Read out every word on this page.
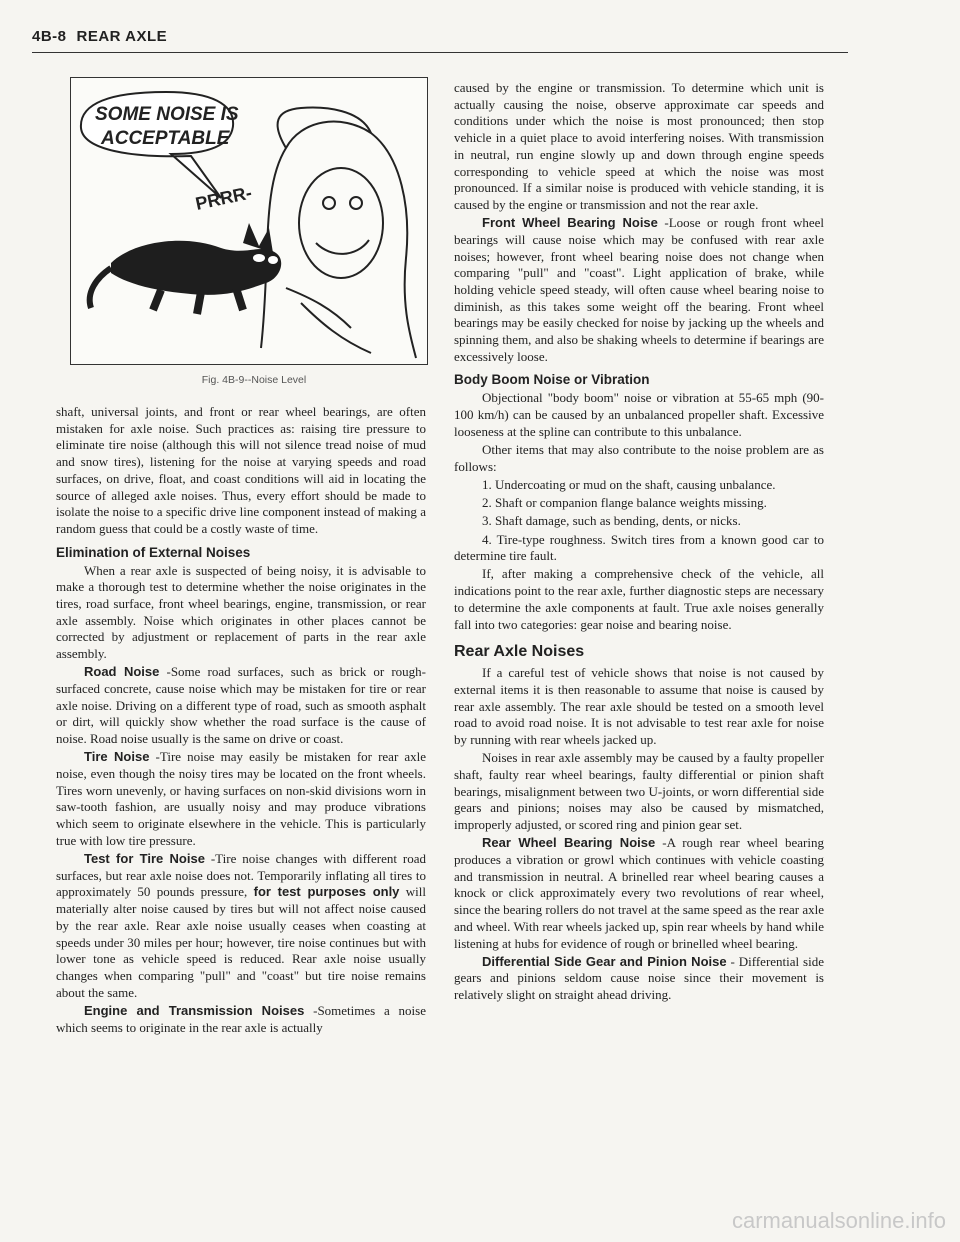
4B-8 REAR AXLE
SOME NOISE IS
ACCEPTABLE
PRRR-
Fig. 4B-9--Noise Level

shaft, universal joints, and front or rear wheel bearings, are often mistaken for axle noise. Such practices as: raising tire pressure to eliminate tire noise (although this will not silence tread noise of mud and snow tires), listening for the noise at varying speeds and road surfaces, on drive, float, and coast conditions will aid in locating the source of alleged axle noises. Thus, every effort should be made to isolate the noise to a specific drive line component instead of making a random guess that could be a costly waste of time.

Elimination of External Noises

When a rear axle is suspected of being noisy, it is advisable to make a thorough test to determine whether the noise originates in the tires, road surface, front wheel bearings, engine, transmission, or rear axle assembly. Noise which originates in other places cannot be corrected by adjustment or replacement of parts in the rear axle assembly.

Road Noise -Some road surfaces, such as brick or rough-surfaced concrete, cause noise which may be mistaken for tire or rear axle noise. Driving on a different type of road, such as smooth asphalt or dirt, will quickly show whether the road surface is the cause of noise. Road noise usually is the same on drive or coast.

Tire Noise -Tire noise may easily be mistaken for rear axle noise, even though the noisy tires may be located on the front wheels. Tires worn unevenly, or having surfaces on non-skid divisions worn in saw-tooth fashion, are usually noisy and may produce vibrations which seem to originate elsewhere in the vehicle. This is particularly true with low tire pressure.

Test for Tire Noise -Tire noise changes with different road surfaces, but rear axle noise does not. Temporarily inflating all tires to approximately 50 pounds pressure, for test purposes only will materially alter noise caused by tires but will not affect noise caused by the rear axle. Rear axle noise usually ceases when coasting at speeds under 30 miles per hour; however, tire noise continues but with lower tone as vehicle speed is reduced. Rear axle noise usually changes when comparing "pull" and "coast" but tire noise remains about the same.

Engine and Transmission Noises -Sometimes a noise which seems to originate in the rear axle is actually

caused by the engine or transmission. To determine which unit is actually causing the noise, observe approximate car speeds and conditions under which the noise is most pronounced; then stop vehicle in a quiet place to avoid interfering noises. With transmission in neutral, run engine slowly up and down through engine speeds corresponding to vehicle speed at which the noise was most pronounced. If a similar noise is produced with vehicle standing, it is caused by the engine or transmission and not the rear axle.

Front Wheel Bearing Noise -Loose or rough front wheel bearings will cause noise which may be confused with rear axle noises; however, front wheel bearing noise does not change when comparing "pull" and "coast". Light application of brake, while holding vehicle speed steady, will often cause wheel bearing noise to diminish, as this takes some weight off the bearing. Front wheel bearings may be easily checked for noise by jacking up the wheels and spinning them, and also be shaking wheels to determine if bearings are excessively loose.

Body Boom Noise or Vibration

Objectional "body boom" noise or vibration at 55-65 mph (90-100 km/h) can be caused by an unbalanced propeller shaft. Excessive looseness at the spline can contribute to this unbalance.

Other items that may also contribute to the noise problem are as follows:

1. Undercoating or mud on the shaft, causing unbalance.

2. Shaft or companion flange balance weights missing.

3. Shaft damage, such as bending, dents, or nicks.

4. Tire-type roughness. Switch tires from a known good car to determine tire fault.

If, after making a comprehensive check of the vehicle, all indications point to the rear axle, further diagnostic steps are necessary to determine the axle components at fault. True axle noises generally fall into two categories: gear noise and bearing noise.

Rear Axle Noises

If a careful test of vehicle shows that noise is not caused by external items it is then reasonable to assume that noise is caused by rear axle assembly. The rear axle should be tested on a smooth level road to avoid road noise. It is not advisable to test rear axle for noise by running with rear wheels jacked up.

Noises in rear axle assembly may be caused by a faulty propeller shaft, faulty rear wheel bearings, faulty differential or pinion shaft bearings, misalignment between two U-joints, or worn differential side gears and pinions; noises may also be caused by mismatched, improperly adjusted, or scored ring and pinion gear set.

Rear Wheel Bearing Noise -A rough rear wheel bearing produces a vibration or growl which continues with vehicle coasting and transmission in neutral. A brinelled rear wheel bearing causes a knock or click approximately every two revolutions of rear wheel, since the bearing rollers do not travel at the same speed as the rear axle and wheel. With rear wheels jacked up, spin rear wheels by hand while listening at hubs for evidence of rough or brinelled wheel bearing.

Differential Side Gear and Pinion Noise - Differential side gears and pinions seldom cause noise since their movement is relatively slight on straight ahead driving.

carmanualsonline.info
